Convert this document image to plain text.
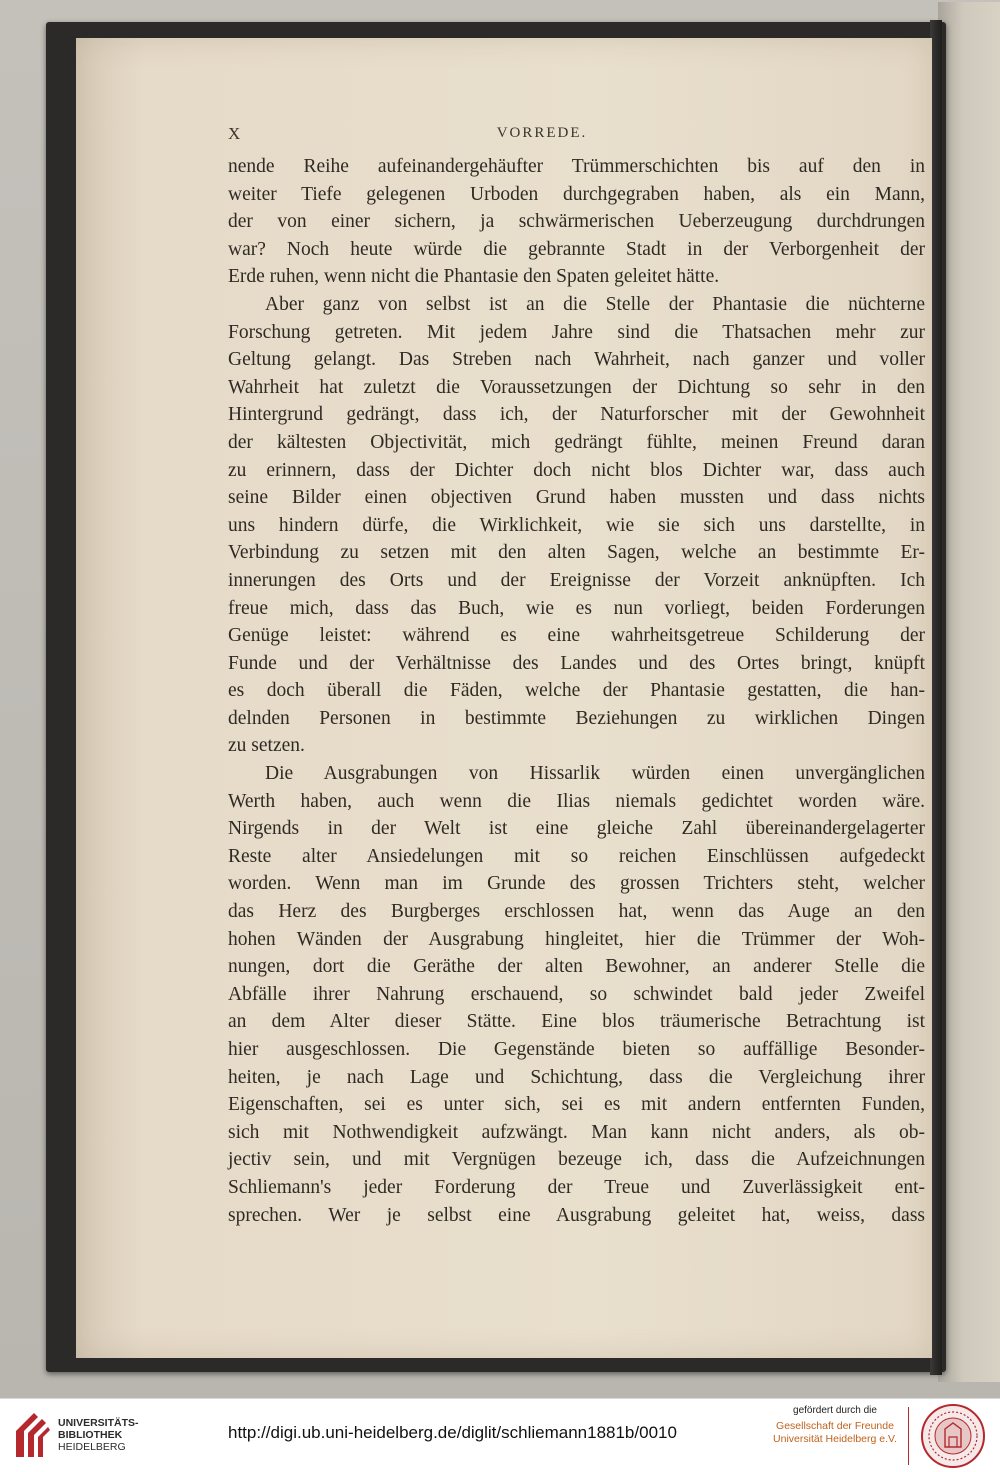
X	VORREDE.
nende Reihe aufeinandergehäufter Trümmerschichten bis auf den in
weiter Tiefe gelegenen Urboden durchgegraben haben, als ein Mann,
der von einer sichern, ja schwärmerischen Ueberzeugung durchdrungen
war? Noch heute würde die gebrannte Stadt in der Verborgenheit der
Erde ruhen, wenn nicht die Phantasie den Spaten geleitet hätte.
Aber ganz von selbst ist an die Stelle der Phantasie die nüchterne
Forschung getreten. Mit jedem Jahre sind die Thatsachen mehr zur
Geltung gelangt. Das Streben nach Wahrheit, nach ganzer und voller
Wahrheit hat zuletzt die Voraussetzungen der Dichtung so sehr in den
Hintergrund gedrängt, dass ich, der Naturforscher mit der Gewohnheit
der kältesten Objectivität, mich gedrängt fühlte, meinen Freund daran
zu erinnern, dass der Dichter doch nicht blos Dichter war, dass auch
seine Bilder einen objectiven Grund haben mussten und dass nichts
uns hindern dürfe, die Wirklichkeit, wie sie sich uns darstellte, in
Verbindung zu setzen mit den alten Sagen, welche an bestimmte Er-
innerungen des Orts und der Ereignisse der Vorzeit anknüpften. Ich
freue mich, dass das Buch, wie es nun vorliegt, beiden Forderungen
Genüge leistet: während es eine wahrheitsgetreue Schilderung der
Funde und der Verhältnisse des Landes und des Ortes bringt, knüpft
es doch überall die Fäden, welche der Phantasie gestatten, die han-
delnden Personen in bestimmte Beziehungen zu wirklichen Dingen
zu setzen.
Die Ausgrabungen von Hissarlik würden einen unvergänglichen
Werth haben, auch wenn die Ilias niemals gedichtet worden wäre.
Nirgends in der Welt ist eine gleiche Zahl übereinandergelagerter
Reste alter Ansiedelungen mit so reichen Einschlüssen aufgedeckt
worden. Wenn man im Grunde des grossen Trichters steht, welcher
das Herz des Burgberges erschlossen hat, wenn das Auge an den
hohen Wänden der Ausgrabung hingleitet, hier die Trümmer der Woh-
nungen, dort die Geräthe der alten Bewohner, an anderer Stelle die
Abfälle ihrer Nahrung erschauend, so schwindet bald jeder Zweifel
an dem Alter dieser Stätte. Eine blos träumerische Betrachtung ist
hier ausgeschlossen. Die Gegenstände bieten so auffällige Besonder-
heiten, je nach Lage und Schichtung, dass die Vergleichung ihrer
Eigenschaften, sei es unter sich, sei es mit andern entfernten Funden,
sich mit Nothwendigkeit aufzwängt. Man kann nicht anders, als ob-
jectiv sein, und mit Vergnügen bezeuge ich, dass die Aufzeichnungen
Schliemann's jeder Forderung der Treue und Zuverlässigkeit ent-
sprechen. Wer je selbst eine Ausgrabung geleitet hat, weiss, dass
UNIVERSITÄTS-
BIBLIOTHEK
HEIDELBERG
http://digi.ub.uni-heidelberg.de/diglit/schliemann1881b/0010
gefördert durch die
Gesellschaft der Freunde
Universität Heidelberg e.V.
